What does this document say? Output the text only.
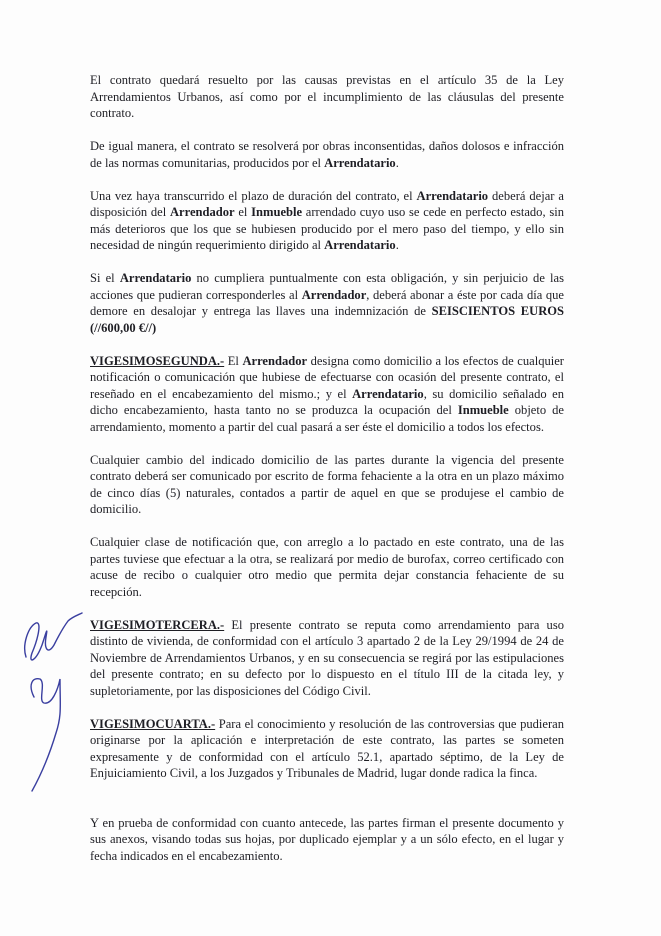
El contrato quedará resuelto por las causas previstas en el artículo 35 de la Ley Arrendamientos Urbanos, así como por el incumplimiento de las cláusulas del presente contrato.

De igual manera, el contrato se resolverá por obras inconsentidas, daños dolosos e infracción de las normas comunitarias, producidos por el Arrendatario.

Una vez haya transcurrido el plazo de duración del contrato, el Arrendatario deberá dejar a disposición del Arrendador el Inmueble arrendado cuyo uso se cede en perfecto estado, sin más deterioros que los que se hubiesen producido por el mero paso del tiempo, y ello sin necesidad de ningún requerimiento dirigido al Arrendatario.

Si el Arrendatario no cumpliera puntualmente con esta obligación, y sin perjuicio de las acciones que pudieran corresponderles al Arrendador, deberá abonar a éste por cada día que demore en desalojar y entrega las llaves una indemnización de SEISCIENTOS EUROS (//600,00 €//)

VIGESIMOSEGUNDA.- El Arrendador designa como domicilio a los efectos de cualquier notificación o comunicación que hubiese de efectuarse con ocasión del presente contrato, el reseñado en el encabezamiento del mismo.; y el Arrendatario, su domicilio señalado en dicho encabezamiento, hasta tanto no se produzca la ocupación del Inmueble objeto de arrendamiento, momento a partir del cual pasará a ser éste el domicilio a todos los efectos.

Cualquier cambio del indicado domicilio de las partes durante la vigencia del presente contrato deberá ser comunicado por escrito de forma fehaciente a la otra en un plazo máximo de cinco días (5) naturales, contados a partir de aquel en que se produjese el cambio de domicilio.

Cualquier clase de notificación que, con arreglo a lo pactado en este contrato, una de las partes tuviese que efectuar a la otra, se realizará por medio de burofax, correo certificado con acuse de recibo o cualquier otro medio que permita dejar constancia fehaciente de su recepción.

VIGESIMOTERCERA.- El presente contrato se reputa como arrendamiento para uso distinto de vivienda, de conformidad con el artículo 3 apartado 2 de la Ley 29/1994 de 24 de Noviembre de Arrendamientos Urbanos, y en su consecuencia se regirá por las estipulaciones del presente contrato; en su defecto por lo dispuesto en el título III de la citada ley, y supletoriamente, por las disposiciones del Código Civil.

VIGESIMOCUARTA.- Para el conocimiento y resolución de las controversias que pudieran originarse por la aplicación e interpretación de este contrato, las partes se someten expresamente y de conformidad con el artículo 52.1, apartado séptimo, de la Ley de Enjuiciamiento Civil, a los Juzgados y Tribunales de Madrid, lugar donde radica la finca.

Y en prueba de conformidad con cuanto antecede, las partes firman el presente documento y sus anexos, visando todas sus hojas, por duplicado ejemplar y a un sólo efecto, en el lugar y fecha indicados en el encabezamiento.
